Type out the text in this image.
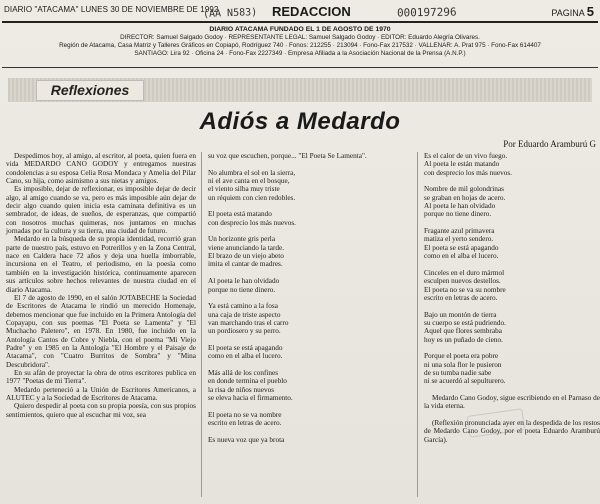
DIARIO "ATACAMA" LUNES 30 DE NOVIEMBRE DE 1992
(AA N583) REDACCION	000197296	PAGINA 5
DIARIO ATACAMA FUNDADO EL 1 DE AGOSTO DE 1970
DIRECTOR: Samuel Salgado Godoy · REPRESENTANTE LEGAL: Samuel Salgado Godoy · EDITOR: Eduardo Alegría Olivares.
Región de Atacama, Casa Matriz y Talleres Gráficos en Copiapó, Rodríguez 740 · Fonos: 212255 · 213094 · Fono-Fax 217532 · VALLENAR: A. Prat 975 · Fono-Fax 614407
SANTIAGO: Lira 92 · Oficina 24 · Fono-Fax 2227349 · Empresa Afiliada a la Asociación Nacional de la Prensa (A.N.P.)
Reflexiones
Adiós a Medardo
Por Eduardo Aramburú G

Despedimos hoy, al amigo, al escritor, al poeta, quien fuera en vida MEDARDO CANO GODOY y entregamos nuestras condolencias a su esposa Celia Rosa Mondaca y Amelia del Pilar Cano, su hija, como asimismo a sus nietas y amigos.

Es imposible, dejar de reflexionar, es imposible dejar de decir algo, al amigo cuando se va, pero es más imposible aún dejar de decir algo cuando quien inicia esta caminata definitiva es un sembrador, de ideas, de sueños, de esperanzas, que compartió con nosotros muchas quimeras, nos juntamos en muchas jornadas por la cultura y su tierra, una ciudad de futuro.

Medardo en la búsqueda de su propia identidad, recorrió gran parte de nuestro país, estuvo en Potrerillos y en la Zona Central, nace en Caldera hace 72 años y deja una huella imborrable, incursiona en el Teatro, el periodismo, en la poesía como también en la investigación histórica, continuamente aparecen sus artículos sobre hechos relevantes de nuestra ciudad en el diario Atacama.

El 7 de agosto de 1990, en el salón JOTABECHE la Sociedad de Escritores de Atacama le rindió un merecido Homenaje, debemos mencionar que fue incluido en la Primera Antología del Copayapu, con sus poemas "El Poeta se Lamenta" y "El Muchacho Paletero", en 1978. En 1980, fue incluido en la Antología Cantos de Cobre y Niebla, con el poema "Mi Viejo Padre" y en 1985 en la Antología "El Hombre y el Paisaje de Atacama", con "Cuatro Burritos de Sombra" y "Mina Descubridora".

En su afán de proyectar la obra de otros escritores publica en 1977 "Poetas de mi Tierra".

Medardo perteneció a la Unión de Escritores Americanos, a ALUTEC y a la Sociedad de Escritores de Atacama.

Quiero despedir al poeta con su propia poesía, con sus propios sentimientos, quiero que al escuchar mi voz, sea

su voz que escuchen, porque... "El Poeta Se Lamenta".

No alumbra el sol en la sierra,
ni el ave canta en el bosque,
el viento silba muy triste
un réquiem con cien redobles.

El poeta está matando
con desprecio los más nuevos.

Un horizonte gris perla
viene anunciando la tarde.
El brazo de un viejo abeto
imita el cantar de madres.

Al poeta le han olvidado
porque no tiene dinero.

Ya está camino a la fosa
una caja de triste aspecto
van marchando tras el carro
un pordiosero y su perro.

El poeta se está apagando
como en el alba el lucero.

Más allá de los confines
en donde termina el pueblo
la risa de niños nuevos
se eleva hacia el firmamento.

El poeta no se va nombre
escrito en letras de acero.

Es nueva voz que ya brota

Es el calor de un vivo fuego.
Al poeta le están matando
con desprecio los más nuevos.

Nombre de mil golondrinas
se graban en hojas de acero.
Al poeta le han olvidado
porque no tiene dinero.

Fragante azul primavera
matiza el yerto sendero.
El poeta se está apagando
como en el alba el lucero.

Cinceles en el duro mármol
esculpen nuevos destellos.
El poeta no se va su nombre
escrito en letras de acero.

Bajo un montón de tierra
su cuerpo se está pudriendo.
Aquel que flores sembraba
hoy es un puñado de cieno.

Porque el poeta era pobre
ni una sola flor le pusieron
de su tumba nadie sabe
ni se acuerdó al sepulturero.

Medardo Cano Godoy, sigue escribiendo en el Parnaso de la vida eterna.

(Reflexión pronunciada ayer en la despedida de los restos de Medardo Cano Godoy, por el poeta Eduardo Aramburú García).
